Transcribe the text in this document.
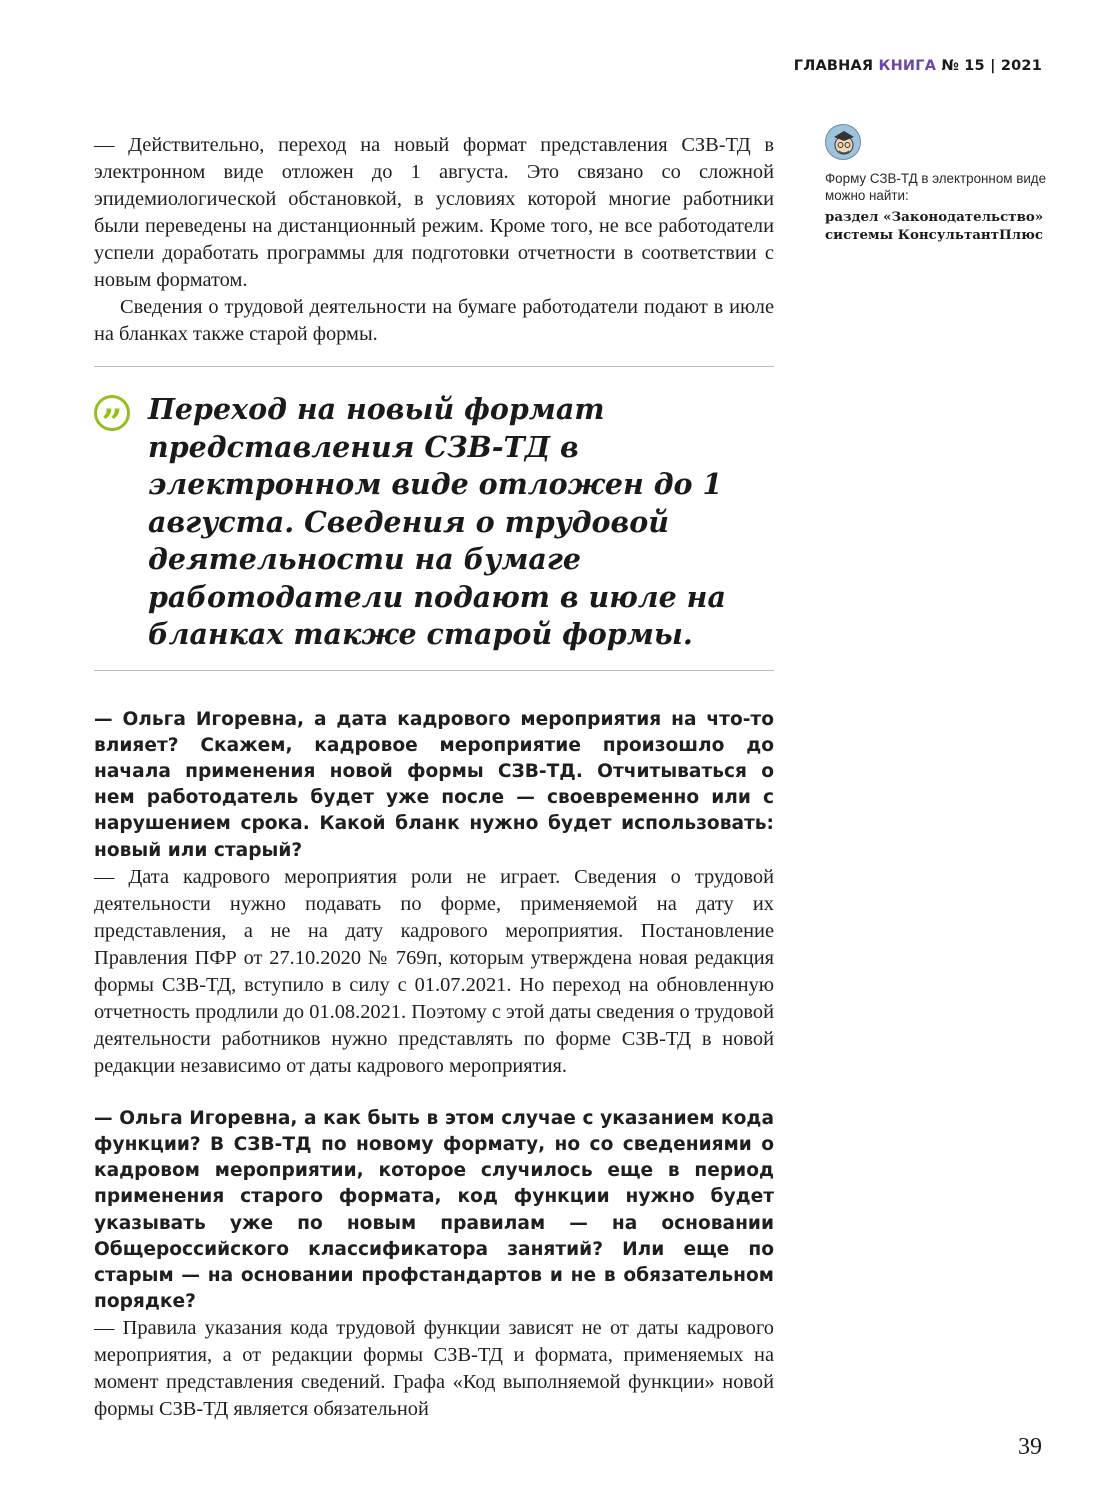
ГЛАВНАЯ КНИГА № 15 | 2021

— Действительно, переход на новый формат представления СЗВ-ТД в электронном виде отложен до 1 августа. Это связано со сложной эпидемиологической обстановкой, в условиях которой многие работники были переведены на дистанционный режим. Кроме того, не все работодатели успели доработать программы для подготовки отчетности в соответствии с новым форматом.

Сведения о трудовой деятельности на бумаге работодатели подают в июле на бланках также старой формы.

” Переход на новый формат представления СЗВ-ТД в электронном виде отложен до 1 августа. Сведения о трудовой деятельности на бумаге работодатели подают в июле на бланках также старой формы.

— Ольга Игоревна, а дата кадрового мероприятия на что-то влияет? Скажем, кадровое мероприятие произошло до начала применения новой формы СЗВ-ТД. Отчитываться о нем работодатель будет уже после — своевременно или с нарушением срока. Какой бланк нужно будет использовать: новый или старый?

— Дата кадрового мероприятия роли не играет. Сведения о трудовой деятельности нужно подавать по форме, применяемой на дату их представления, а не на дату кадрового мероприятия. Постановление Правления ПФР от 27.10.2020 № 769п, которым утверждена новая редакция формы СЗВ-ТД, вступило в силу с 01.07.2021. Но переход на обновленную отчетность продлили до 01.08.2021. Поэтому с этой даты сведения о трудовой деятельности работников нужно представлять по форме СЗВ-ТД в новой редакции независимо от даты кадрового мероприятия.

— Ольга Игоревна, а как быть в этом случае с указанием кода функции? В СЗВ-ТД по новому формату, но со сведениями о кадровом мероприятии, которое случилось еще в период применения старого формата, код функции нужно будет указывать уже по новым правилам — на основании Общероссийского классификатора занятий? Или еще по старым — на основании профстандартов и не в обязательном порядке?

— Правила указания кода трудовой функции зависят не от даты кадрового мероприятия, а от редакции формы СЗВ-ТД и формата, применяемых на момент представления сведений. Графа «Код выполняемой функции» новой формы СЗВ-ТД является обязательной

Форму СЗВ-ТД в электронном виде можно найти:
раздел «Законодательство» системы КонсультантПлюс
39
